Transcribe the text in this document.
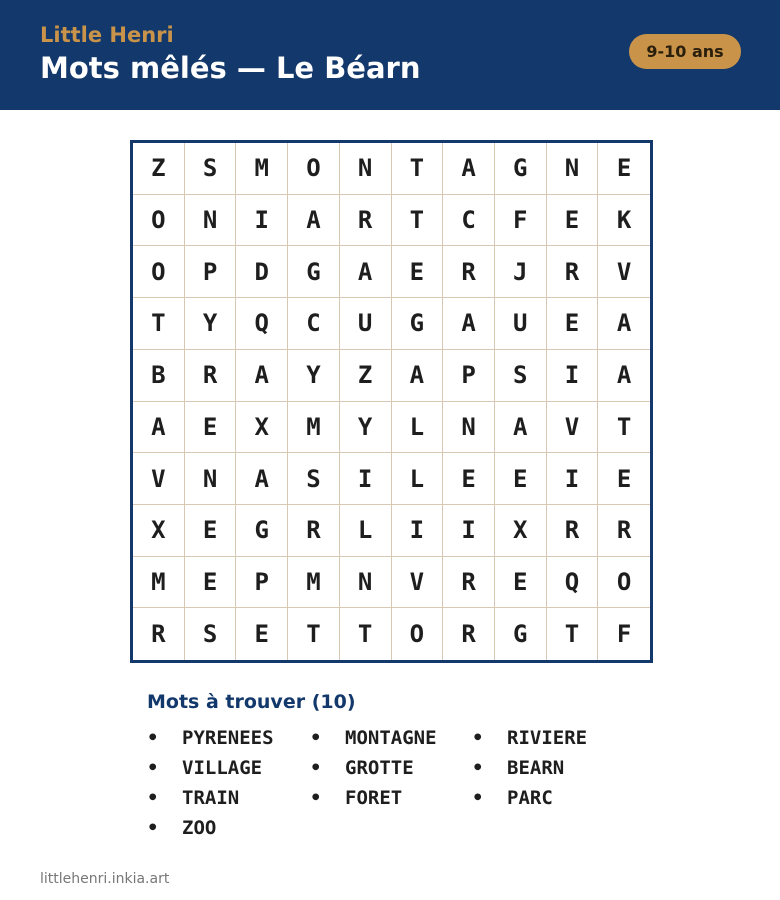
Little Henri
Mots mêlés — Le Béarn	9-10 ans
Z	S	M	O	N	T	A	G	N	E
O	N	I	A	R	T	C	F	E	K
O	P	D	G	A	E	R	J	R	V
T	Y	Q	C	U	G	A	U	E	A
B	R	A	Y	Z	A	P	S	I	A
A	E	X	M	Y	L	N	A	V	T
V	N	A	S	I	L	E	E	I	E
X	E	G	R	L	I	I	X	R	R
M	E	P	M	N	V	R	E	Q	O
R	S	E	T	T	O	R	G	T	F
Mots à trouver (10)
• PYRENEES • MONTAGNE • RIVIERE
• VILLAGE	• GROTTE	• BEARN
• TRAIN	• FORET	• PARC
• ZOO
littlehenri.inkia.art
